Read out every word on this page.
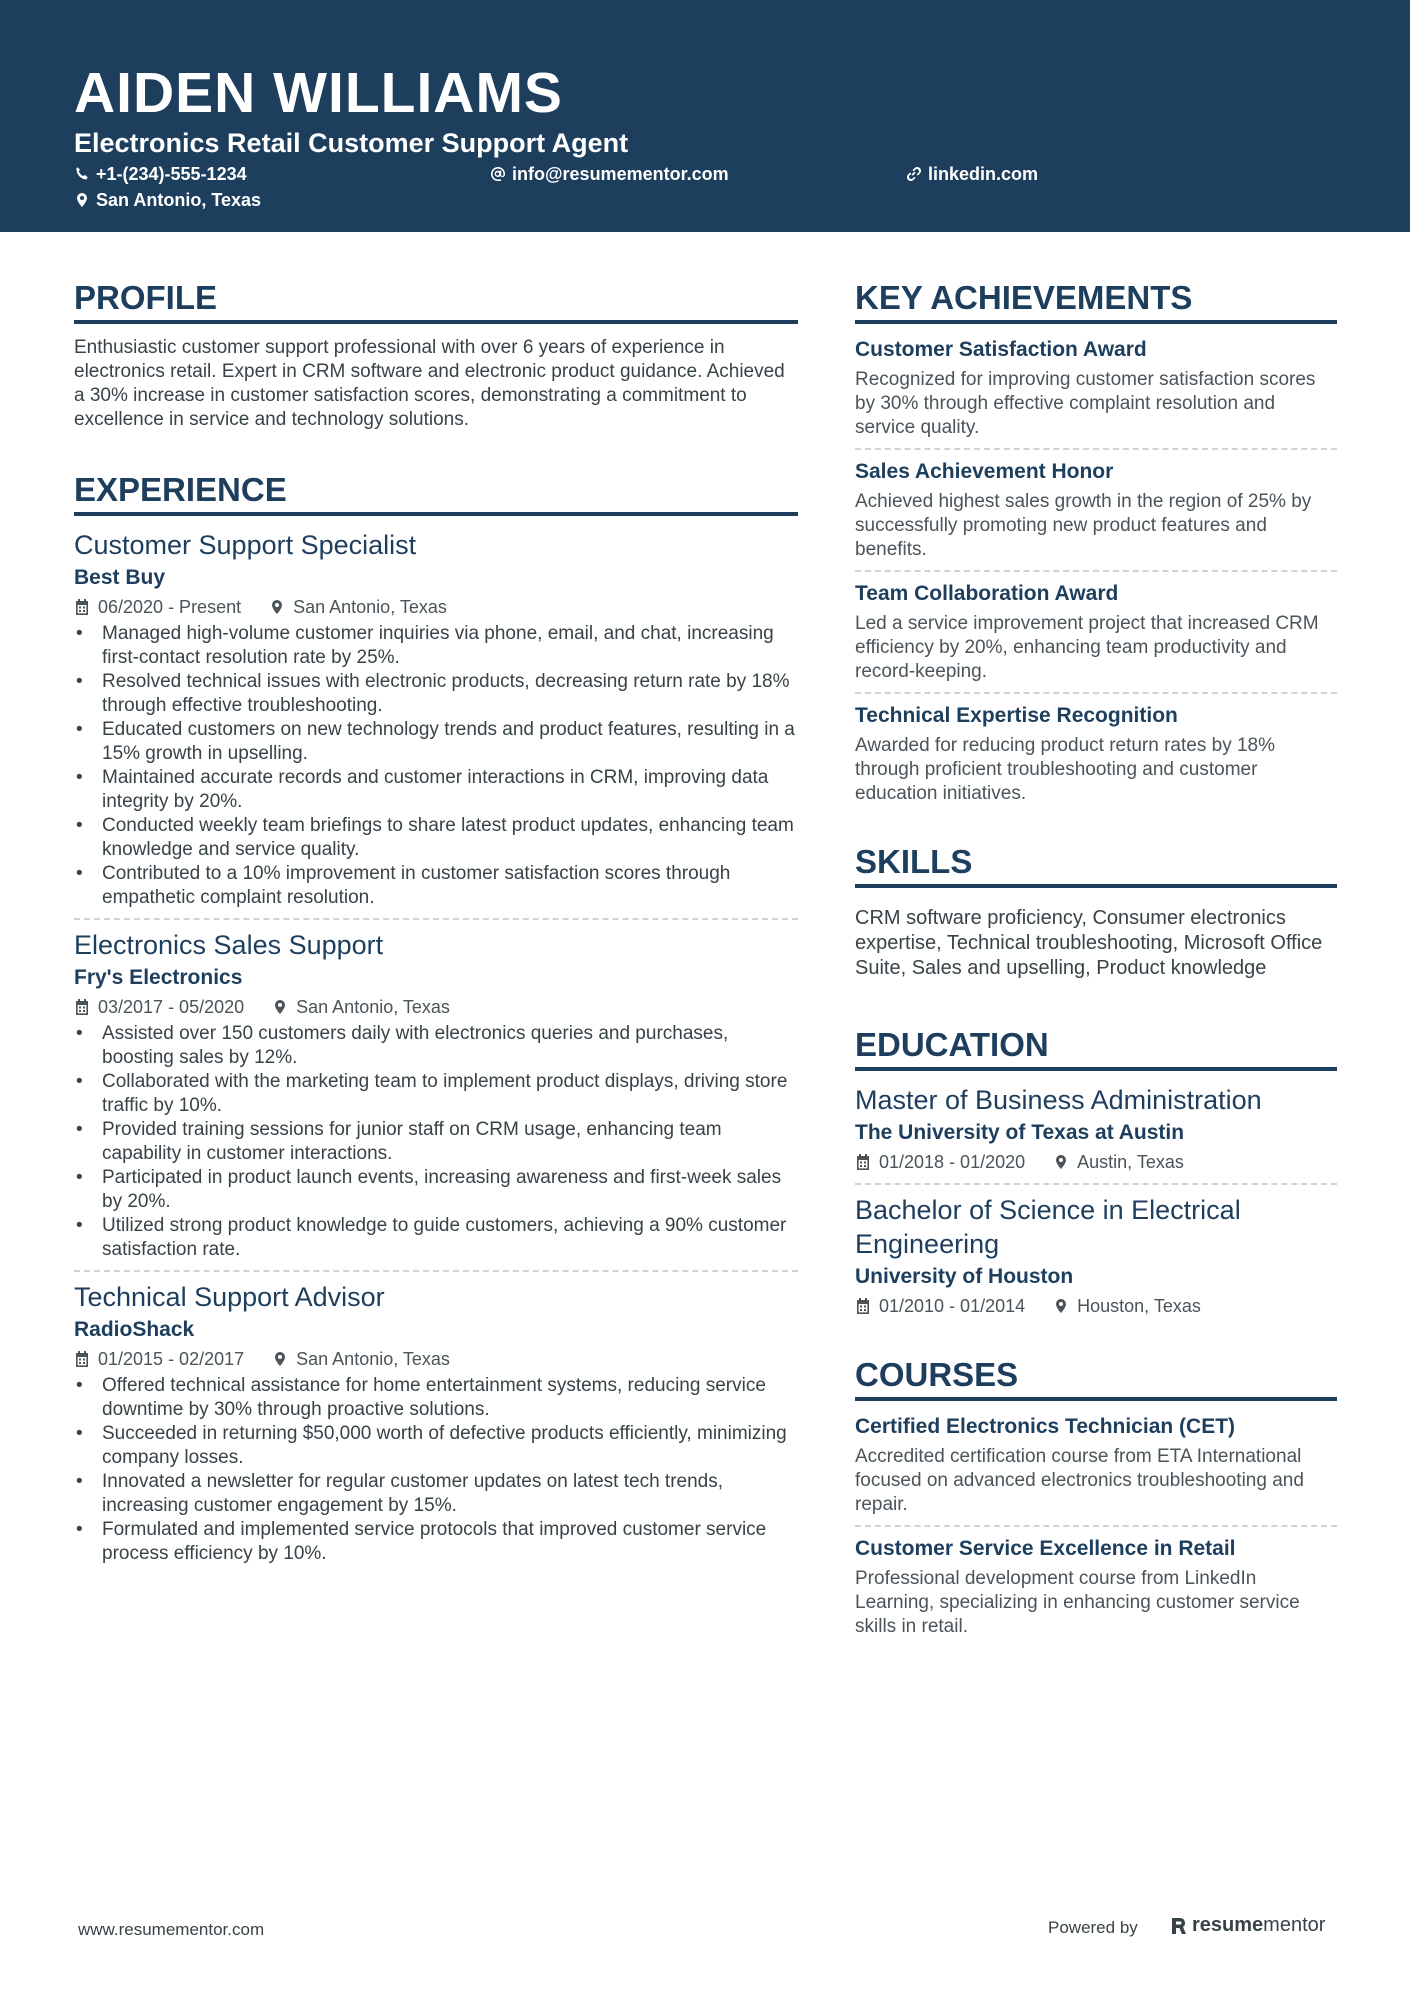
AIDEN WILLIAMS
Electronics Retail Customer Support Agent
+1-(234)-555-1234	info@resumementor.com	linkedin.com
San Antonio, Texas
PROFILE
Enthusiastic customer support professional with over 6 years of experience in electronics retail. Expert in CRM software and electronic product guidance. Achieved a 30% increase in customer satisfaction scores, demonstrating a commitment to excellence in service and technology solutions.
EXPERIENCE
Customer Support Specialist
Best Buy
06/2020 - Present	San Antonio, Texas
• Managed high-volume customer inquiries via phone, email, and chat, increasing first-contact resolution rate by 25%.
• Resolved technical issues with electronic products, decreasing return rate by 18% through effective troubleshooting.
• Educated customers on new technology trends and product features, resulting in a 15% growth in upselling.
• Maintained accurate records and customer interactions in CRM, improving data integrity by 20%.
• Conducted weekly team briefings to share latest product updates, enhancing team knowledge and service quality.
• Contributed to a 10% improvement in customer satisfaction scores through empathetic complaint resolution.
Electronics Sales Support
Fry's Electronics
03/2017 - 05/2020	San Antonio, Texas
• Assisted over 150 customers daily with electronics queries and purchases, boosting sales by 12%.
• Collaborated with the marketing team to implement product displays, driving store traffic by 10%.
• Provided training sessions for junior staff on CRM usage, enhancing team capability in customer interactions.
• Participated in product launch events, increasing awareness and first-week sales by 20%.
• Utilized strong product knowledge to guide customers, achieving a 90% customer satisfaction rate.
Technical Support Advisor
RadioShack
01/2015 - 02/2017	San Antonio, Texas
• Offered technical assistance for home entertainment systems, reducing service downtime by 30% through proactive solutions.
• Succeeded in returning $50,000 worth of defective products efficiently, minimizing company losses.
• Innovated a newsletter for regular customer updates on latest tech trends, increasing customer engagement by 15%.
• Formulated and implemented service protocols that improved customer service process efficiency by 10%.
KEY ACHIEVEMENTS
Customer Satisfaction Award
Recognized for improving customer satisfaction scores by 30% through effective complaint resolution and service quality.
Sales Achievement Honor
Achieved highest sales growth in the region of 25% by successfully promoting new product features and benefits.
Team Collaboration Award
Led a service improvement project that increased CRM efficiency by 20%, enhancing team productivity and record-keeping.
Technical Expertise Recognition
Awarded for reducing product return rates by 18% through proficient troubleshooting and customer education initiatives.
SKILLS
CRM software proficiency, Consumer electronics expertise, Technical troubleshooting, Microsoft Office Suite, Sales and upselling, Product knowledge
EDUCATION
Master of Business Administration
The University of Texas at Austin
01/2018 - 01/2020	Austin, Texas
Bachelor of Science in Electrical Engineering
University of Houston
01/2010 - 01/2014	Houston, Texas
COURSES
Certified Electronics Technician (CET)
Accredited certification course from ETA International focused on advanced electronics troubleshooting and repair.
Customer Service Excellence in Retail
Professional development course from LinkedIn Learning, specializing in enhancing customer service skills in retail.
www.resumementor.com	Powered by	resumementor
